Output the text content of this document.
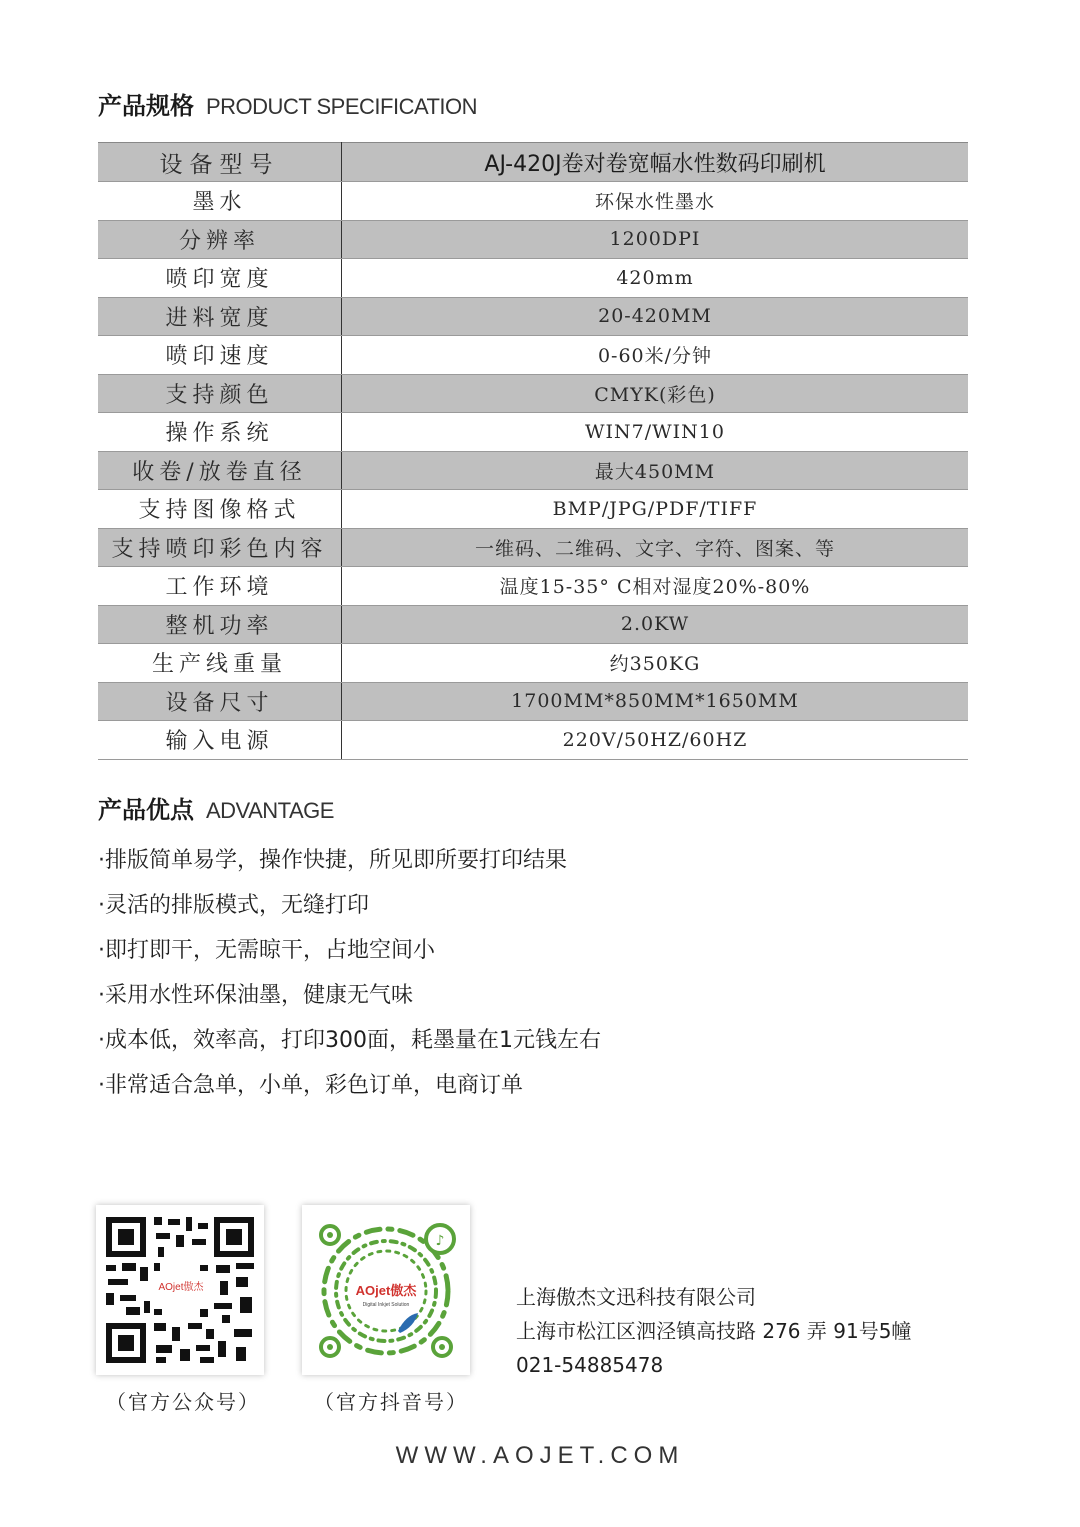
产品规格 PRODUCT SPECIFICATION
设备型号	AJ-420J卷对卷宽幅水性数码印刷机
墨水	环保水性墨水
分辨率	1200DPI
喷印宽度	420mm
进料宽度	20-420MM
喷印速度	0-60米/分钟
支持颜色	CMYK(彩色)
操作系统	WIN7/WIN10
收卷/放卷直径	最大450MM
支持图像格式	BMP/JPG/PDF/TIFF
支持喷印彩色内容	一维码、二维码、文字、字符、图案、等
工作环境	温度15-35° C相对湿度20%-80%
整机功率	2.0KW
生产线重量	约350KG
设备尺寸	1700MM*850MM*1650MM
输入电源	220V/50HZ/60HZ
产品优点 ADVANTAGE
·排版简单易学，操作快捷，所见即所要打印结果
·灵活的排版模式，无缝打印
·即打即干，无需晾干，占地空间小
·采用水性环保油墨，健康无气味
·成本低，效率高，打印300面，耗墨量在1元钱左右
·非常适合急单，小单，彩色订单，电商订单
AOjet傲杰
♪
AOjet傲杰
Digital Inkjet Solution
（官方公众号）	（官方抖音号）
上海傲杰文迅科技有限公司
上海市松江区泗泾镇高技路 276 弄 91号5幢
021-54885478
WWW.AOJET.COM
